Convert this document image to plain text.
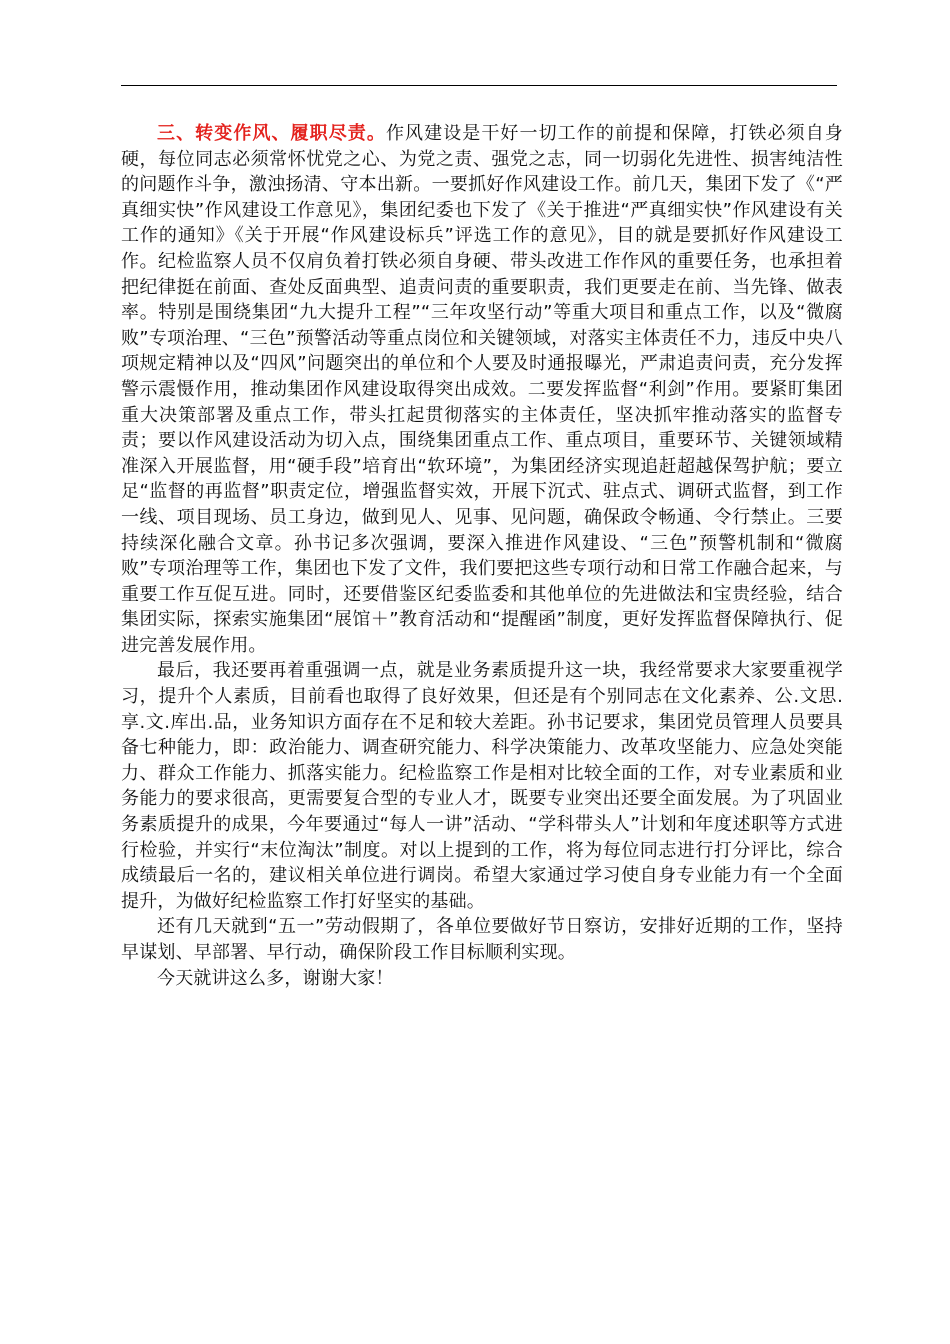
三、转变作风、履职尽责。作风建设是干好一切工作的前提和保障，打铁必须自身硬，每位同志必须常怀忧党之心、为党之责、强党之志，同一切弱化先进性、损害纯洁性的问题作斗争，激浊扬清、守本出新。一要抓好作风建设工作。前几天，集团下发了《“严真细实快”作风建设工作意见》，集团纪委也下发了《关于推进“严真细实快”作风建设有关工作的通知》《关于开展“作风建设标兵”评选工作的意见》，目的就是要抓好作风建设工作。纪检监察人员不仅肩负着打铁必须自身硬、带头改进工作作风的重要任务，也承担着把纪律挺在前面、查处反面典型、追责问责的重要职责，我们更要走在前、当先锋、做表率。特别是围绕集团“九大提升工程”“三年攻坚行动”等重大项目和重点工作，以及“微腐败”专项治理、“三色”预警活动等重点岗位和关键领域，对落实主体责任不力，违反中央八项规定精神以及“四风”问题突出的单位和个人要及时通报曝光，严肃追责问责，充分发挥警示震慑作用，推动集团作风建设取得突出成效。二要发挥监督“利剑”作用。要紧盯集团重大决策部署及重点工作，带头扛起贯彻落实的主体责任，坚决抓牢推动落实的监督专责；要以作风建设活动为切入点，围绕集团重点工作、重点项目，重要环节、关键领域精准深入开展监督，用“硬手段”培育出“软环境”，为集团经济实现追赶超越保驾护航；要立足“监督的再监督”职责定位，增强监督实效，开展下沉式、驻点式、调研式监督，到工作一线、项目现场、员工身边，做到见人、见事、见问题，确保政令畅通、令行禁止。三要持续深化融合文章。孙书记多次强调，要深入推进作风建设、“三色”预警机制和“微腐败”专项治理等工作，集团也下发了文件，我们要把这些专项行动和日常工作融合起来，与重要工作互促互进。同时，还要借鉴区纪委监委和其他单位的先进做法和宝贵经验，结合集团实际，探索实施集团“展馆＋”教育活动和“提醒函”制度，更好发挥监督保障执行、促进完善发展作用。

最后，我还要再着重强调一点，就是业务素质提升这一块，我经常要求大家要重视学习，提升个人素质，目前看也取得了良好效果，但还是有个别同志在文化素养、公.文思.享.文.库出.品，业务知识方面存在不足和较大差距。孙书记要求，集团党员管理人员要具备七种能力，即：政治能力、调查研究能力、科学决策能力、改革攻坚能力、应急处突能力、群众工作能力、抓落实能力。纪检监察工作是相对比较全面的工作，对专业素质和业务能力的要求很高，更需要复合型的专业人才，既要专业突出还要全面发展。为了巩固业务素质提升的成果，今年要通过“每人一讲”活动、“学科带头人”计划和年度述职等方式进行检验，并实行“末位淘汰”制度。对以上提到的工作，将为每位同志进行打分评比，综合成绩最后一名的，建议相关单位进行调岗。希望大家通过学习使自身专业能力有一个全面提升，为做好纪检监察工作打好坚实的基础。

还有几天就到“五一”劳动假期了，各单位要做好节日察访，安排好近期的工作，坚持早谋划、早部署、早行动，确保阶段工作目标顺利实现。

今天就讲这么多，谢谢大家！
